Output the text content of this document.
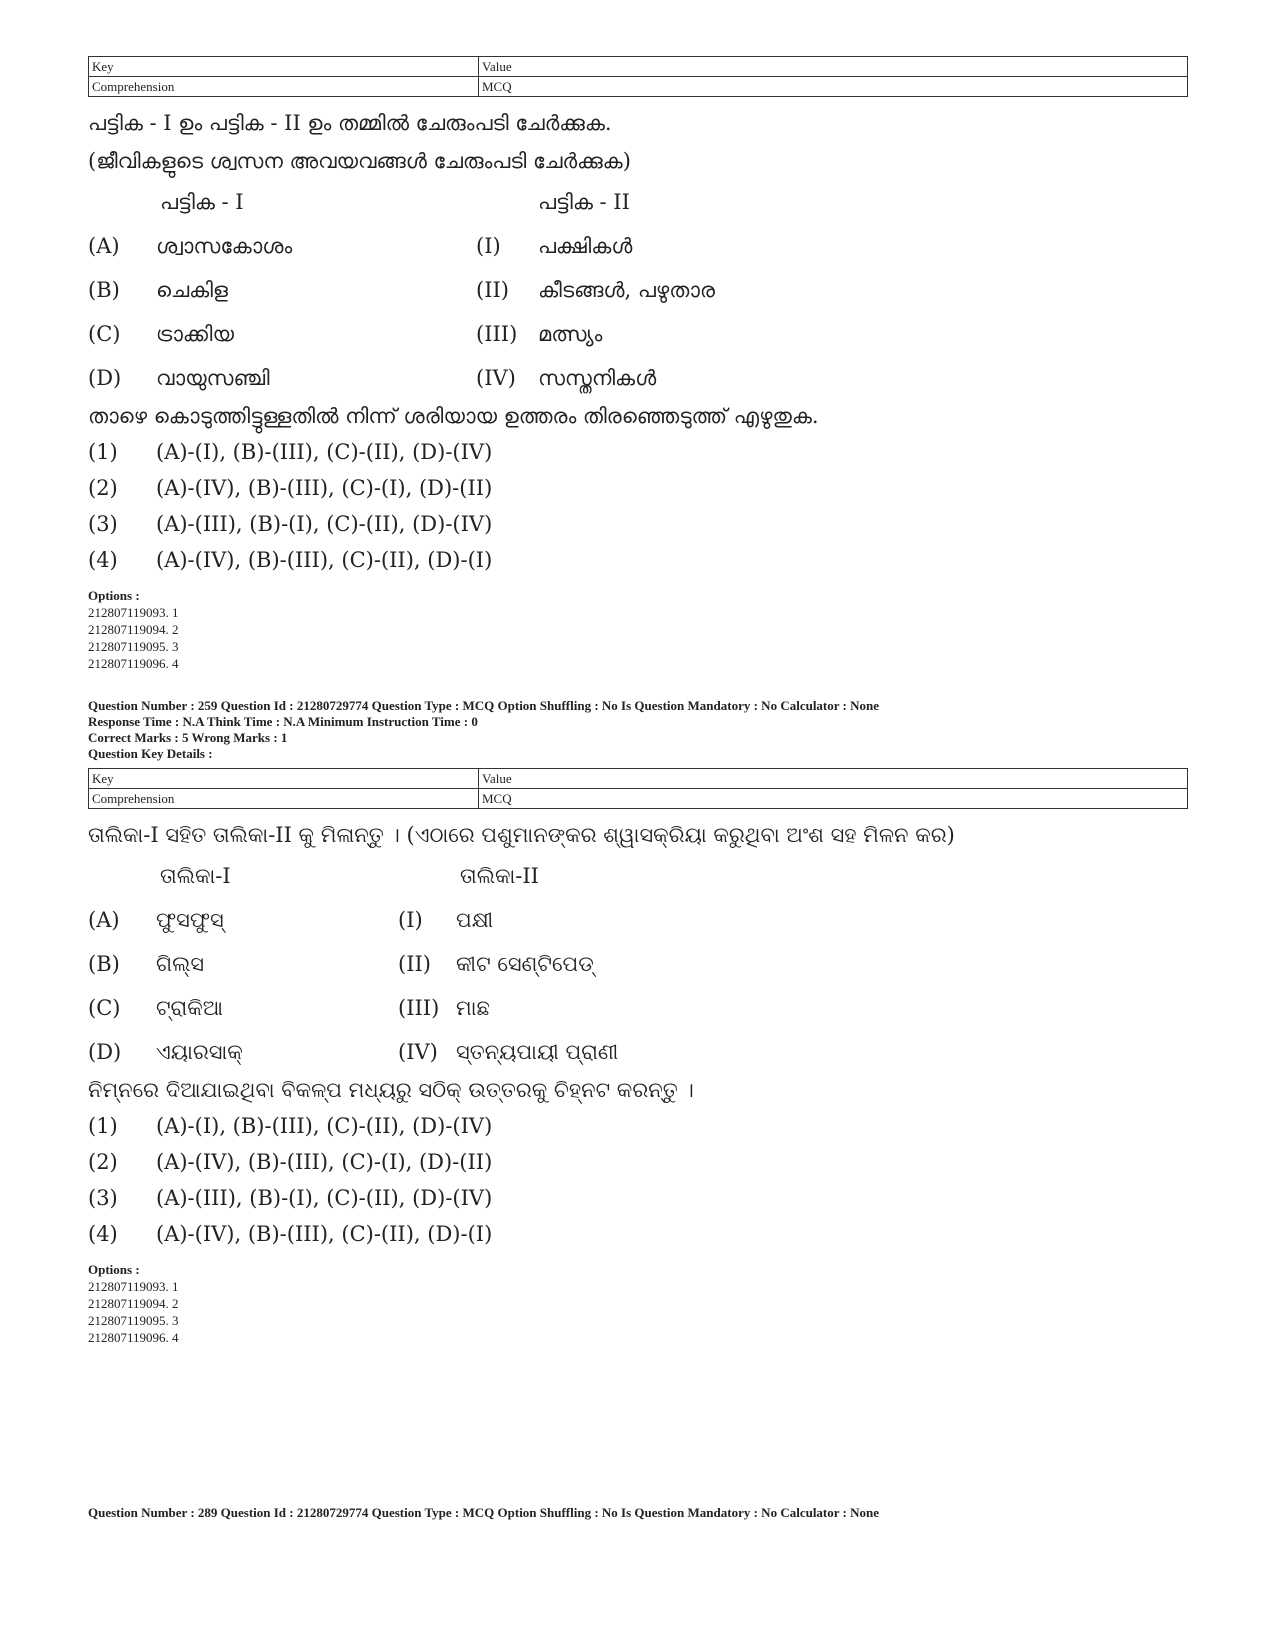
Key	Value
Comprehension	MCQ

പട്ടിക - I ഉം പട്ടിക - II ഉം തമ്മിൽ ചേരുംപടി ചേർക്കുക.

(ജീവികളുടെ ശ്വസന അവയവങ്ങൾ ചേരുംപടി ചേർക്കുക)

പട്ടിക - I	പട്ടിക - II
(A)	ശ്വാസകോശം	(I)	പക്ഷികൾ
(B)	ചെകിള	(II)	കീടങ്ങൾ, പഴുതാര
(C)	ട്രാക്കിയ	(III) മത്സ്യം
(D)	വായുസഞ്ചി	(IV)	സസ്തനികൾ
താഴെ കൊടുത്തിട്ടുള്ളതിൽ നിന്ന് ശരിയായ ഉത്തരം തിരഞ്ഞെടുത്ത് എഴുതുക.
(1)	(A)-(I), (B)-(III), (C)-(II), (D)-(IV)
(2)	(A)-(IV), (B)-(III), (C)-(I), (D)-(II)
(3)	(A)-(III), (B)-(I), (C)-(II), (D)-(IV)
(4)	(A)-(IV), (B)-(III), (C)-(II), (D)-(I)
Options :
212807119093. 1
212807119094. 2
212807119095. 3
212807119096. 4
Question Number : 259 Question Id : 21280729774 Question Type : MCQ Option Shuffling : No Is Question Mandatory : No Calculator : None
Response Time : N.A Think Time : N.A Minimum Instruction Time : 0
Correct Marks : 5 Wrong Marks : 1
Question Key Details :
Key	Value
Comprehension	MCQ

ତାଲିକା-I ସହିତ ତାଲିକା-II କୁ ମିଳାନ୍ତୁ । (ଏଠାରେ ପଶୁମାନଙ୍କର ଶ୍ୱାସକ୍ରିୟା କରୁଥିବା ଅଂଶ ସହ ମିଳନ କର)

ତାଲିକା-I	ତାଲିକା-II
(A)	ଫୁସଫୁସ୍	(I)	ପକ୍ଷୀ
(B)	ଗିଲ୍ସ	(II)	କୀଟ ସେଣ୍ଟିପେଡ୍
(C)	ଟ୍ରାକିଆ	(III) ମାଛ
(D)	ଏୟାରସାକ୍	(IV) ସ୍ତନ୍ୟପାୟୀ ପ୍ରାଣୀ
ନିମ୍ନରେ ଦିଆଯାଇଥିବା ବିକଳ୍ପ ମଧ୍ୟରୁ ସଠିକ୍ ଉତ୍ତରକୁ ଚିହ୍ନଟ କରନ୍ତୁ ।
(1)	(A)-(I), (B)-(III), (C)-(II), (D)-(IV)
(2)	(A)-(IV), (B)-(III), (C)-(I), (D)-(II)
(3)	(A)-(III), (B)-(I), (C)-(II), (D)-(IV)
(4)	(A)-(IV), (B)-(III), (C)-(II), (D)-(I)
Options :
212807119093. 1
212807119094. 2
212807119095. 3
212807119096. 4
Question Number : 289 Question Id : 21280729774 Question Type : MCQ Option Shuffling : No Is Question Mandatory : No Calculator : None
